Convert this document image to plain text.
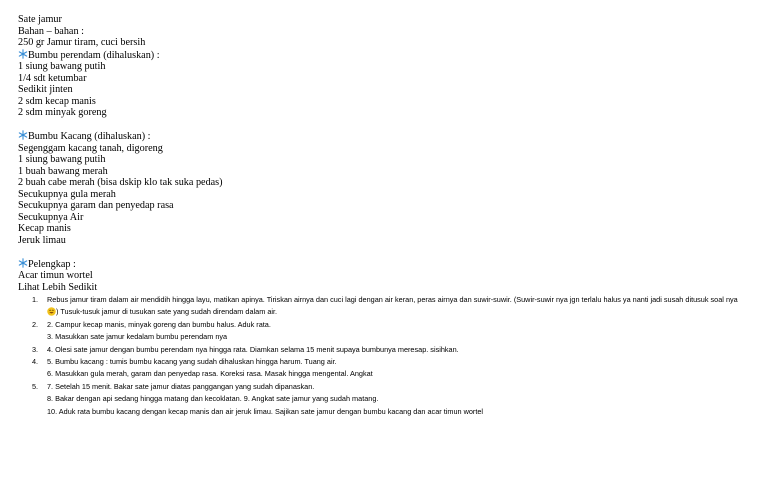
Sate jamur
Bahan – bahan :
250 gr Jamur tiram, cuci bersih
Bumbu perendam (dihaluskan) :
1 siung bawang putih
1/4 sdt ketumbar
Sedikit jinten
2 sdm kecap manis
2 sdm minyak goreng
Bumbu Kacang (dihaluskan) :
Segenggam kacang tanah, digoreng
1 siung bawang putih
1 buah bawang merah
2 buah cabe merah (bisa dskip klo tak suka pedas)
Secukupnya gula merah
Secukupnya garam dan penyedap rasa
Secukupnya Air
Kecap manis
Jeruk limau
Pelengkap :
Acar timun wortel
Lihat Lebih Sedikit
1.	Rebus jamur tiram dalam air mendidih hingga layu, matikan apinya. Tiriskan airnya dan cuci lagi dengan air keran, peras airnya dan suwir-suwir. (Suwir-suwir nya jgn terlalu halus ya nanti jadi susah ditusuk soal nya ) Tusuk-tusuk jamur di tusukan sate yang sudah direndam dalam air.
2.	2. Campur kecap manis, minyak goreng dan bumbu halus. Aduk rata.
3. Masukkan sate jamur kedalam bumbu perendam nya
3.	4. Olesi sate jamur dengan bumbu perendam nya hingga rata. Diamkan selama 15 menit supaya bumbunya meresap. sisihkan.
4.	5. Bumbu kacang : tumis bumbu kacang yang sudah dihaluskan hingga harum. Tuang air.
6. Masukkan gula merah, garam dan penyedap rasa. Koreksi rasa. Masak hingga mengental. Angkat
5.	7. Setelah 15 menit. Bakar sate jamur diatas panggangan yang sudah dipanaskan.
8. Bakar dengan api sedang hingga matang dan kecoklatan. 9. Angkat sate jamur yang sudah matang.
10. Aduk rata bumbu kacang dengan kecap manis dan air jeruk limau. Sajikan sate jamur dengan bumbu kacang dan acar timun wortel
